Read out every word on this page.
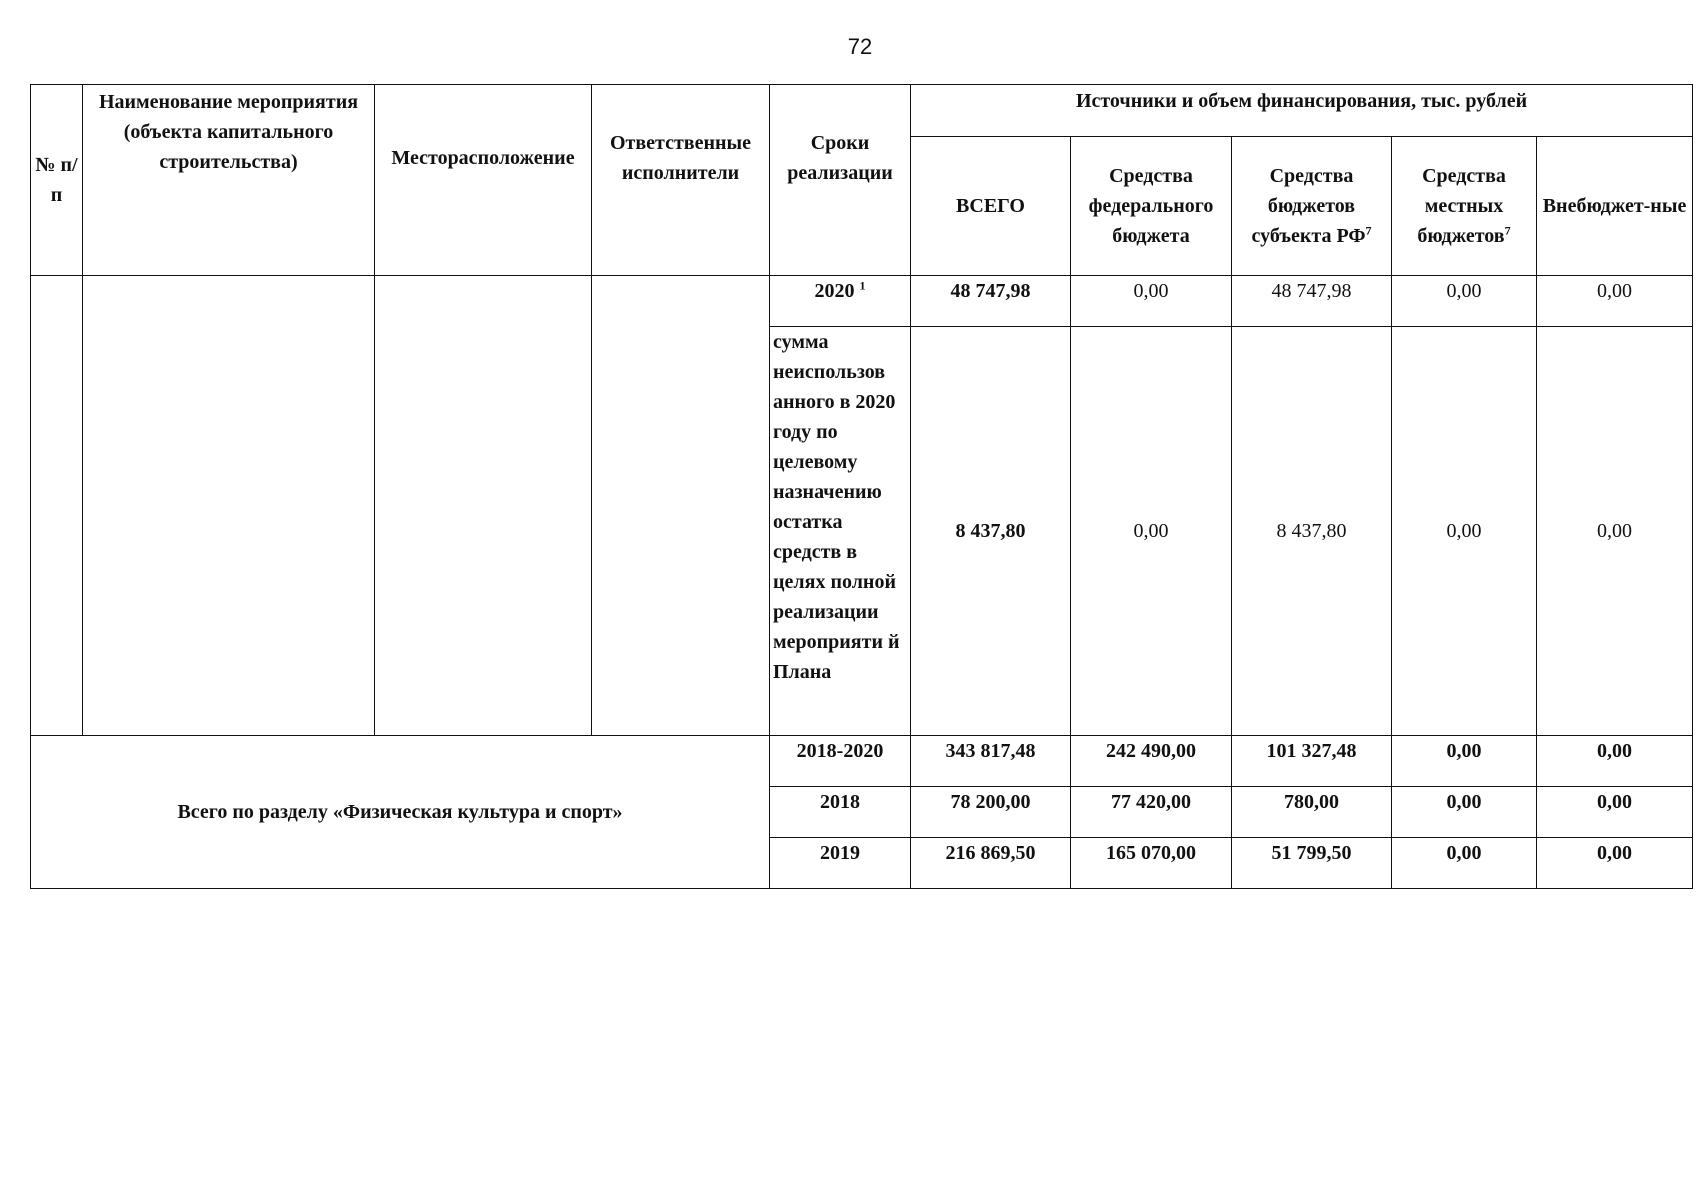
72
№ п/п	Наименование мероприятия (объекта капитального строительства)	Месторасположение	Ответственные исполнители	Сроки реализации	Источники и объем финансирования, тыс. рублей				
					ВСЕГО	Средства федерального бюджета	Средства бюджетов субъекта $РФ^7$	Средства местных бюджетов$^7$	Внебюджет-ные
				2020 $^1$	48 747,98	0,00	48 747,98	0,00	0,00
				сумма неиспользов анного в 2020 году по целевому назначению остатка средств в целях полной реализации мероприяти й Плана	8 437,80	0,00	8 437,80	0,00	0,00
Всего по разделу «Физическая культура и спорт»				2018-2020	343 817,48	242 490,00	101 327,48	0,00	0,00
				2018	78 200,00	77 420,00	780,00	0,00	0,00
				2019	216 869,50	165 070,00	51 799,50	0,00	0,00
